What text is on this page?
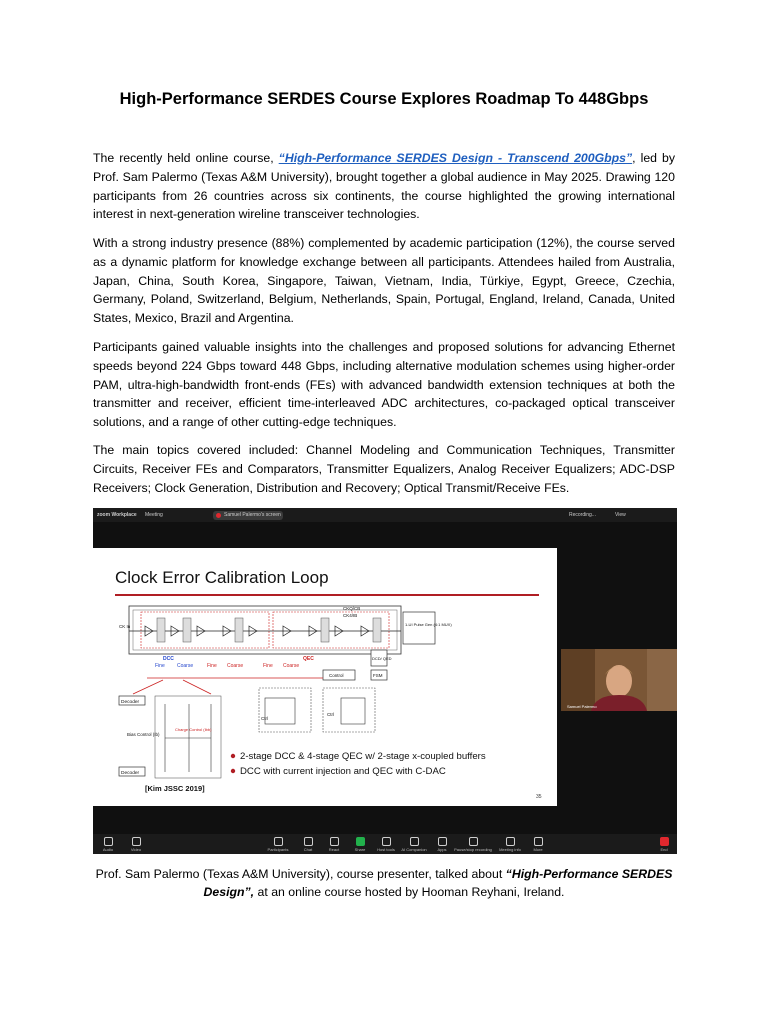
High-Performance SERDES Course Explores Roadmap To 448Gbps

The recently held online course, “High-Performance SERDES Design - Transcend 200Gbps”, led by Prof. Sam Palermo (Texas A&M University), brought together a global audience in May 2025. Drawing 120 participants from 26 countries across six continents, the course highlighted the growing international interest in next-generation wireline transceiver technologies.

With a strong industry presence (88%) complemented by academic participation (12%), the course served as a dynamic platform for knowledge exchange between all participants. Attendees hailed from Australia, Japan, China, South Korea, Singapore, Taiwan, Vietnam, India, Türkiye, Egypt, Greece, Czechia, Germany, Poland, Switzerland, Belgium, Netherlands, Spain, Portugal, England, Ireland, Canada, United States, Mexico, Brazil and Argentina.

Participants gained valuable insights into the challenges and proposed solutions for advancing Ethernet speeds beyond 224 Gbps toward 448 Gbps, including alternative modulation schemes using higher-order PAM, ultra-high-bandwidth front-ends (FEs) with advanced bandwidth extension techniques at both the transmitter and receiver, efficient time-interleaved ADC architectures, co-packaged optical transceiver solutions, and a range of other cutting-edge techniques.

The main topics covered included: Channel Modeling and Communication Techniques, Transmitter Circuits, Receiver FEs and Comparators, Transmitter Equalizers, Analog Receiver Equalizers; ADC-DSP Receivers; Clock Generation, Distribution and Recovery; Optical Transmit/Receive FEs.

zoom Workplace Meeting	Samuel Palermo's screen	Recording...	View
Clock Error Calibration Loop
CK In
DCC	QEC
Fine Coarse	Fine Coarse	Fine Coarse
CKQ/CB
CK4/IB
1-UI Pulse Gen (4:1 MUX)
DCD/ QED
FSM
Control
Decoder
Decoder
Bias Control (Ib)
Charge Control (Ibb)
Ctrl
Ctrl
2-stage DCC & 4-stage QEC w/ 2-stage x-coupled buffers
DCC with current injection and QEC with C-DAC
[Kim JSSC 2019]
35
Samuel Palermo
Audio	Video	Participants	Chat	React	Share	Host tools	AI Companion	Apps	Pause/stop recording	Meeting info	More	End

Prof. Sam Palermo (Texas A&M University), course presenter, talked about “High-Performance SERDES Design”, at an online course hosted by Hooman Reyhani, Ireland.
